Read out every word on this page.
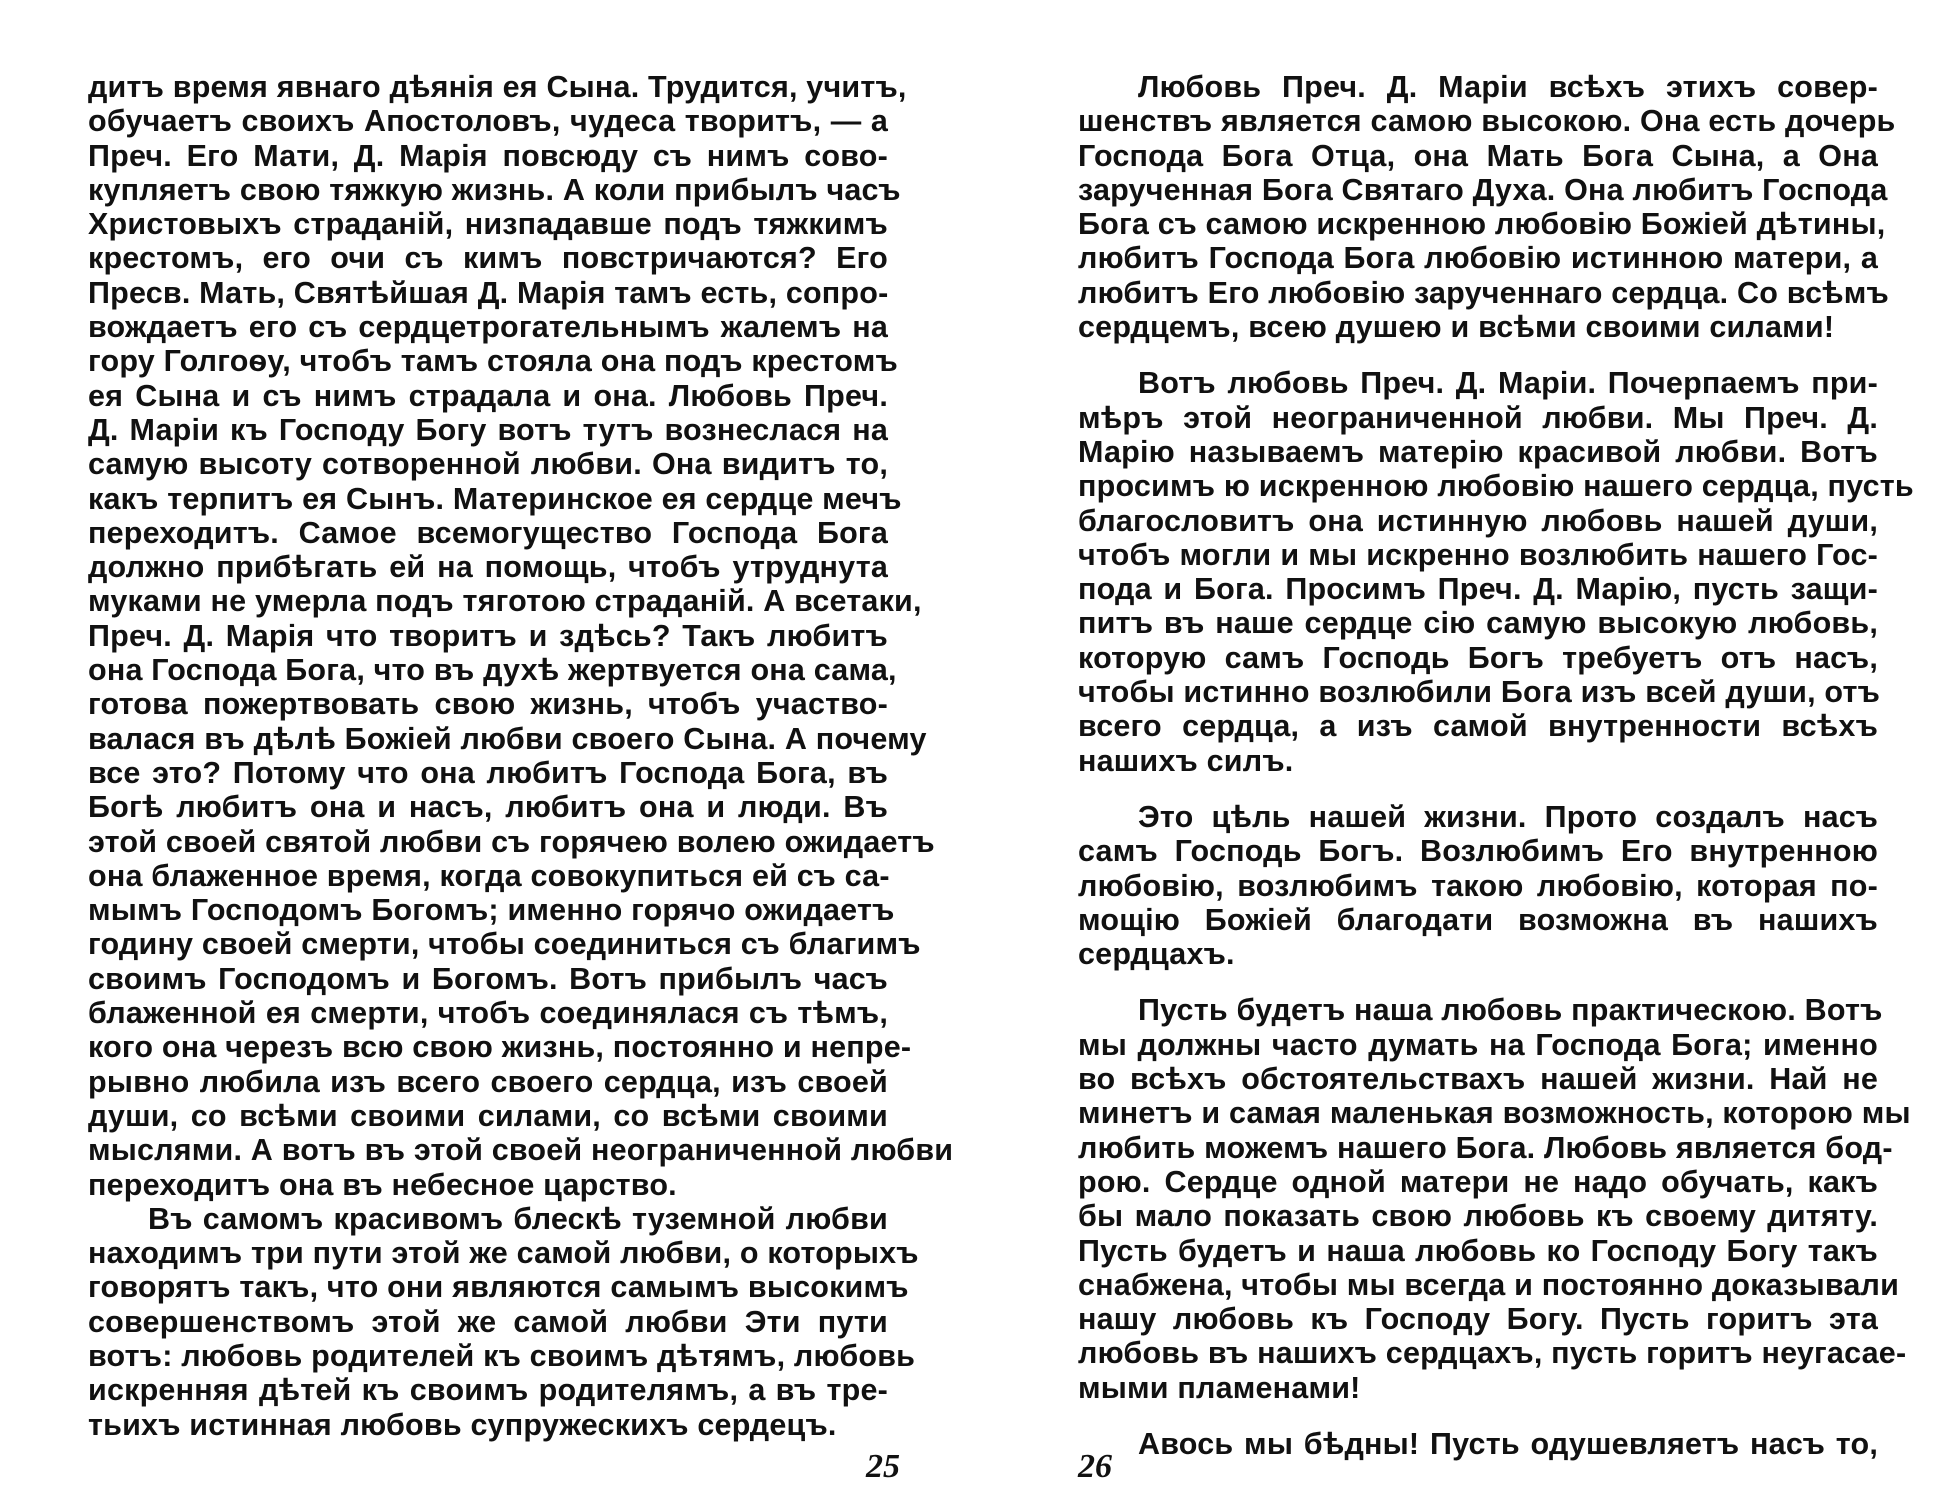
дитъ время явнаго дѣянія ея Сына. Трудится, учитъ,
обучаетъ своихъ Апостоловъ, чудеса творитъ, — а
Преч. Его Мати, Д. Марія повсюду съ нимъ сово-
купляетъ свою тяжкую жизнь. А коли прибылъ часъ
Христовыхъ страданій, низпадавше подъ тяжкимъ
крестомъ, его очи съ кимъ повстричаются? Его
Пресв. Мать, Святѣйшая Д. Марія тамъ есть, сопро-
вождаетъ его съ сердцетрогательнымъ жалемъ на
гору Голгоѳу, чтобъ тамъ стояла она подъ крестомъ
ея Сына и съ нимъ страдала и она. Любовь Преч.
Д. Маріи къ Господу Богу вотъ тутъ вознеслася на
самую высоту сотворенной любви. Она видитъ то,
какъ терпитъ ея Сынъ. Материнское ея сердце мечъ
переходитъ. Самое всемогущество Господа Бога
должно прибѣгать ей на помощь, чтобъ утруднута
муками не умерла подъ тяготою страданій. А всетаки,
Преч. Д. Марія что творитъ и здѣсь? Такъ любитъ
она Господа Бога, что въ духѣ жертвуется она сама,
готова пожертвовать свою жизнь, чтобъ участво-
валася въ дѣлѣ Божіей любви своего Сына. А почему
все это? Потому что она любитъ Господа Бога, въ
Богѣ любитъ она и насъ, любитъ она и люди. Въ
этой своей святой любви съ горячею волею ожидаетъ
она блаженное время, когда совокупиться ей съ са-
мымъ Господомъ Богомъ; именно горячо ожидаетъ
годину своей смерти, чтобы соединиться съ благимъ
своимъ Господомъ и Богомъ. Вотъ прибылъ часъ
блаженной ея смерти, чтобъ соединялася съ тѣмъ,
кого она черезъ всю свою жизнь, постоянно и непре-
рывно любила изъ всего своего сердца, изъ своей
души, со всѣми своими силами, со всѣми своими
мыслями. А вотъ въ этой своей неограниченной любви
переходитъ она въ небесное царство.
Въ самомъ красивомъ блескѣ туземной любви
находимъ три пути этой же самой любви, о которыхъ
говорятъ такъ, что они являются самымъ высокимъ
совершенствомъ этой же самой любви Эти пути
вотъ: любовь родителей къ своимъ дѣтямъ, любовь
искренняя дѣтей къ своимъ родителямъ, а въ тре-
тьихъ истинная любовь супружескихъ сердецъ.
Любовь Преч. Д. Маріи всѣхъ этихъ совер-
шенствъ является самою высокою. Она есть дочерь
Господа Бога Отца, она Мать Бога Сына, а Она
зарученная Бога Святаго Духа. Она любитъ Господа
Бога съ самою искренною любовію Божіей дѣтины,
любитъ Господа Бога любовію истинною матери, а
любитъ Его любовію зарученнаго сердца. Со всѣмъ
сердцемъ, всею душею и всѣми своими силами!
Вотъ любовь Преч. Д. Маріи. Почерпаемъ при-
мѣръ этой неограниченной любви. Мы Преч. Д.
Марію называемъ матерію красивой любви. Вотъ
просимъ ю искренною любовію нашего сердца, пусть
благословитъ она истинную любовь нашей души,
чтобъ могли и мы искренно возлюбить нашего Гос-
пода и Бога. Просимъ Преч. Д. Марію, пусть защи-
питъ въ наше сердце сію самую высокую любовь,
которую самъ Господь Богъ требуетъ отъ насъ,
чтобы истинно возлюбили Бога изъ всей души, отъ
всего сердца, а изъ самой внутренности всѣхъ
нашихъ силъ.
Это цѣль нашей жизни. Прото создалъ насъ
самъ Господь Богъ. Возлюбимъ Его внутренною
любовію, возлюбимъ такою любовію, которая по-
мощію Божіей благодати возможна въ нашихъ
сердцахъ.
Пусть будетъ наша любовь практическою. Вотъ
мы должны часто думать на Господа Бога; именно
во всѣхъ обстоятельствахъ нашей жизни. Най не
минетъ и самая маленькая возможность, которою мы
любить можемъ нашего Бога. Любовь является бод-
рою. Сердце одной матери не надо обучать, какъ
бы мало показать свою любовь къ своему дитяту.
Пусть будетъ и наша любовь ко Господу Богу такъ
снабжена, чтобы мы всегда и постоянно доказывали
нашу любовь къ Господу Богу. Пусть горитъ эта
любовь въ нашихъ сердцахъ, пусть горитъ неугасае-
мыми пламенами!
Авось мы бѣдны! Пусть одушевляетъ насъ то,
25	26
